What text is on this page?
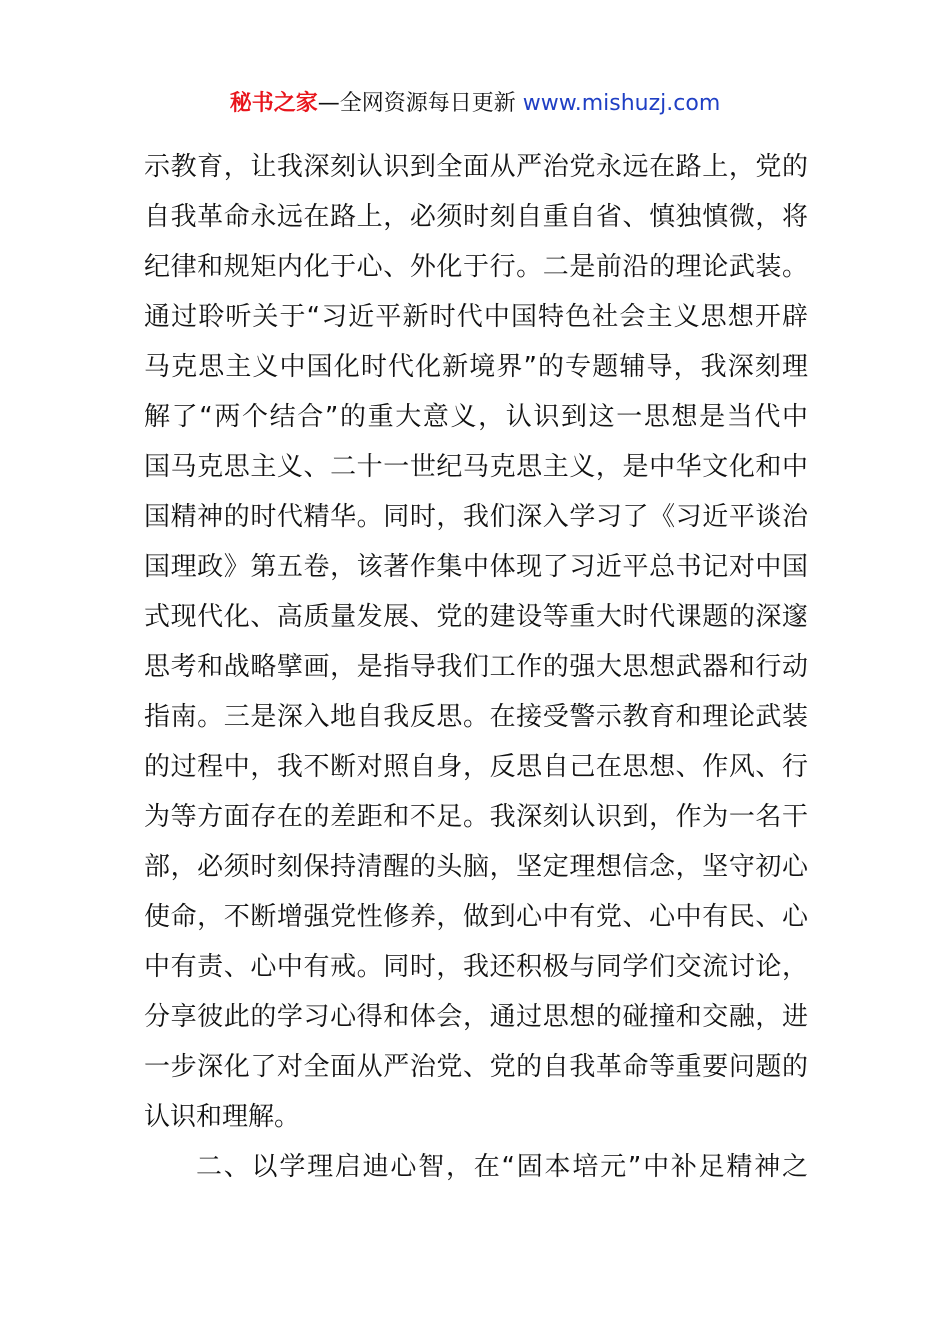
秘书之家—全网资源每日更新 www.mishuzj.com
示教育，让我深刻认识到全面从严治党永远在路上，党的
自我革命永远在路上，必须时刻自重自省、慎独慎微，将
纪律和规矩内化于心、外化于行。二是前沿的理论武装。
通过聆听关于“习近平新时代中国特色社会主义思想开辟
马克思主义中国化时代化新境界”的专题辅导，我深刻理
解了“两个结合”的重大意义，认识到这一思想是当代中
国马克思主义、二十一世纪马克思主义，是中华文化和中
国精神的时代精华。同时，我们深入学习了《习近平谈治
国理政》第五卷，该著作集中体现了习近平总书记对中国
式现代化、高质量发展、党的建设等重大时代课题的深邃
思考和战略擘画，是指导我们工作的强大思想武器和行动
指南。三是深入地自我反思。在接受警示教育和理论武装
的过程中，我不断对照自身，反思自己在思想、作风、行
为等方面存在的差距和不足。我深刻认识到，作为一名干
部，必须时刻保持清醒的头脑，坚定理想信念，坚守初心
使命，不断增强党性修养，做到心中有党、心中有民、心
中有责、心中有戒。同时，我还积极与同学们交流讨论，
分享彼此的学习心得和体会，通过思想的碰撞和交融，进
一步深化了对全面从严治党、党的自我革命等重要问题的
认识和理解。
二、以学理启迪心智，在“固本培元”中补足精神之
